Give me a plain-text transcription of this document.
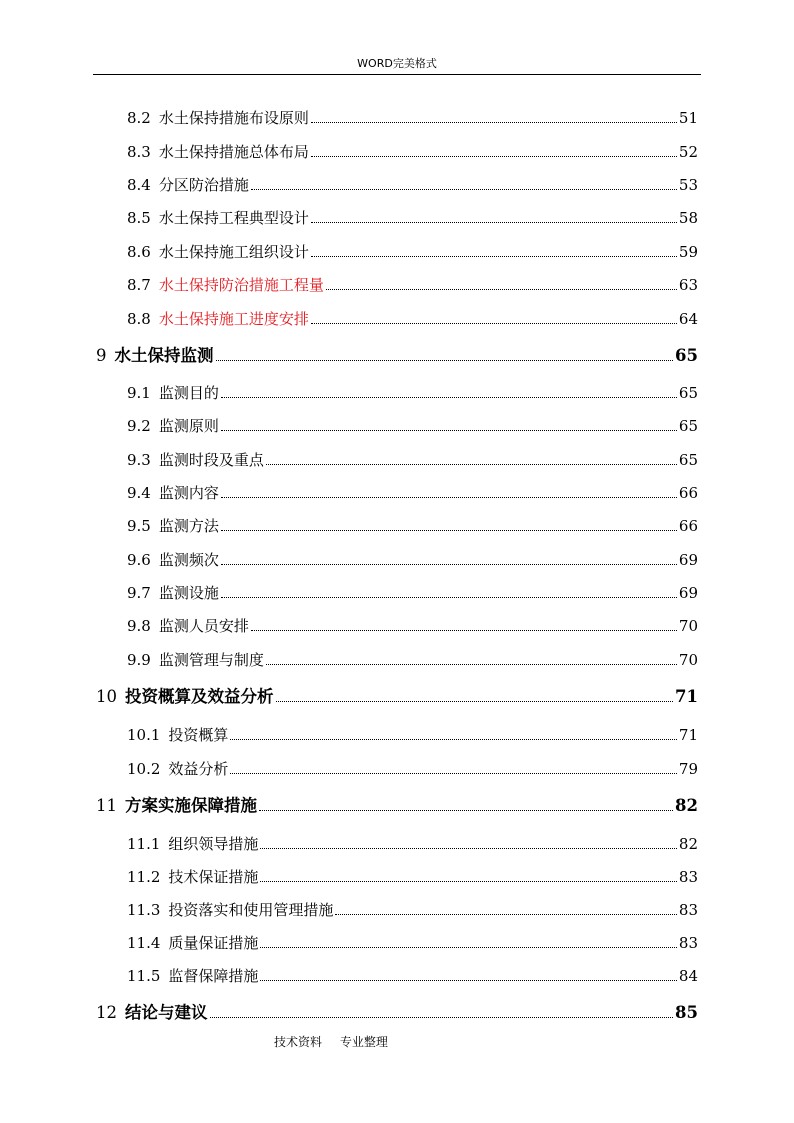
WORD完美格式
8.2 水土保持措施布设原则	51
8.3 水土保持措施总体布局	52
8.4 分区防治措施	53
8.5 水土保持工程典型设计	58
8.6 水土保持施工组织设计	59
8.7 水土保持防治措施工程量	63
8.8 水土保持施工进度安排	64
9 水土保持监测	65
9.1 监测目的	65
9.2 监测原则	65
9.3 监测时段及重点	65
9.4 监测内容	66
9.5 监测方法	66
9.6 监测频次	69
9.7 监测设施	69
9.8 监测人员安排	70
9.9 监测管理与制度	70
10 投资概算及效益分析	71
10.1 投资概算	71
10.2 效益分析	79
11 方案实施保障措施	82
11.1 组织领导措施	82
11.2 技术保证措施	83
11.3 投资落实和使用管理措施	83
11.4 质量保证措施	83
11.5 监督保障措施	84
12 结论与建议	85
技术资料 专业整理
